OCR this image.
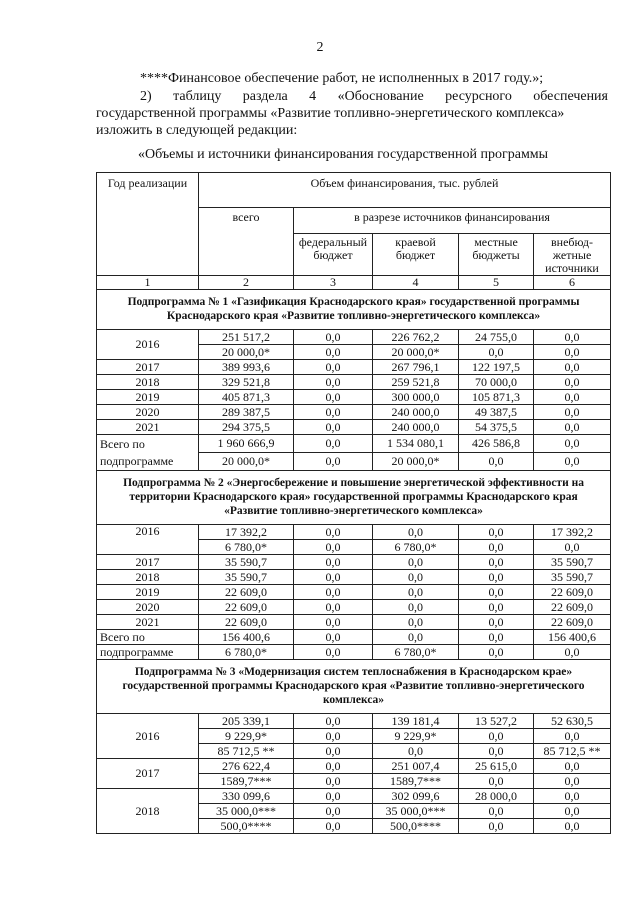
2
****Финансовое обеспечение работ, не исполненных в 2017 году.»;
2) таблицу раздела 4 «Обоснование ресурсного обеспечения
государственной программы «Развитие топливно-энергетического комплекса» изложить в следующей редакции:
«Объемы и источники финансирования государственной программы
Год реализации	Объем финансирования, тыс. рублей				
	всего	в разрезе источников финансирования			
		федеральный бюджет	краевой бюджет	местные бюджеты	внебюд-жетные источники
1	2	3	4	5	6
Подпрограмма № 1 «Газификация Краснодарского края» государственной программы Краснодарского края «Развитие топливно-энергетического комплекса»					
2016	251 517,2	0,0	226 762,2	24 755,0	0,0
	20 000,0*	0,0	20 000,0*	0,0	0,0
2017	389 993,6	0,0	267 796,1	122 197,5	0,0
2018	329 521,8	0,0	259 521,8	70 000,0	0,0
2019	405 871,3	0,0	300 000,0	105 871,3	0,0
2020	289 387,5	0,0	240 000,0	49 387,5	0,0
2021	294 375,5	0,0	240 000,0	54 375,5	0,0
Всего по подпрограмме	1 960 666,9	0,0	1 534 080,1	426 586,8	0,0
	20 000,0*	0,0	20 000,0*	0,0	0,0
Подпрограмма № 2 «Энергосбережение и повышение энергетической эффективности на территории Краснодарского края» государственной программы Краснодарского края «Развитие топливно-энергетического комплекса»					
2016	17 392,2	0,0	0,0	0,0	17 392,2
	6 780,0*	0,0	6 780,0*	0,0	0,0
2017	35 590,7	0,0	0,0	0,0	35 590,7
2018	35 590,7	0,0	0,0	0,0	35 590,7
2019	22 609,0	0,0	0,0	0,0	22 609,0
2020	22 609,0	0,0	0,0	0,0	22 609,0
2021	22 609,0	0,0	0,0	0,0	22 609,0
Всего по	156 400,6	0,0	0,0	0,0	156 400,6
подпрограмме	6 780,0*	0,0	6 780,0*	0,0	0,0
Подпрограмма № 3 «Модернизация систем теплоснабжения в Краснодарском крае» государственной программы Краснодарского края «Развитие топливно-энергетического комплекса»					
2016	205 339,1	0,0	139 181,4	13 527,2	52 630,5
	9 229,9*	0,0	9 229,9*	0,0	0,0
	85 712,5 **	0,0	0,0	0,0	85 712,5 **
2017	276 622,4	0,0	251 007,4	25 615,0	0,0
	1589,7***	0,0	1589,7***	0,0	0,0
2018	330 099,6	0,0	302 099,6	28 000,0	0,0
	35 000,0***	0,0	35 000,0***	0,0	0,0
	500,0****	0,0	500,0****	0,0	0,0
